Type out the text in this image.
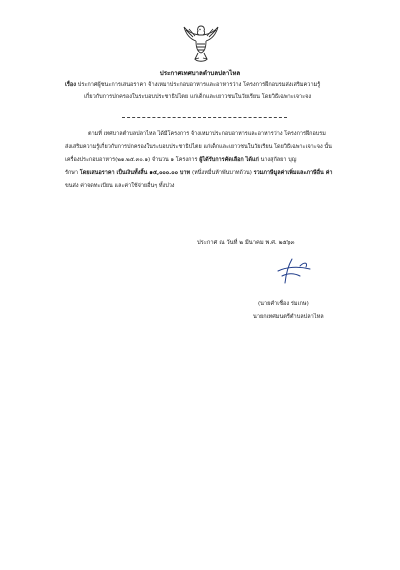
ประกาศเทศบาลตำบลปลาไหล
เรื่อง ประกาศผู้ชนะการเสนอราคา จ้างเหมาประกอบอาหารและอาหารว่าง โครงการฝึกอบรมส่งเสริมความรู้
เกี่ยวกับการปกครองในระบอบประชาธิปไตย แก่เด็กและเยาวชนในวัยเรียน โดยวิธีเฉพาะเจาะจง
ตามที่ เทศบาลตำบลปลาไหล ได้มีโครงการ จ้างเหมาประกอบอาหารและอาหารว่าง โครงการฝึกอบรม
ส่งเสริมความรู้เกี่ยวกับการปกครองในระบอบประชาธิปไตย แก่เด็กและเยาวชนในวัยเรียน โดยวิธีเฉพาะเจาะจง นั้น
เครื่องประกอบอาหาร(๒๑.๒๕.๓๐.๑) จำนวน ๑ โครงการ ผู้ได้รับการคัดเลือก ได้แก่ นางสุกัลยา บุญ
รักษา โดยเสนอราคา เป็นเงินทั้งสิ้น ๑๕,๐๐๐.๐๐ บาท (หนึ่งหมื่นห้าพันบาทถ้วน) รวมภาษีมูลค่าเพิ่มและภาษีอื่น ค่า
ขนส่ง ค่าจดทะเบียน และค่าใช้จ่ายอื่นๆ ทั้งปวง
ประกาศ ณ วันที่ ๒ มีนาคม พ.ศ. ๒๕๖๓
(นายคำเชื่อง ร่มเกษ)
นายกเทศมนตรีตำบลปลาไหล
